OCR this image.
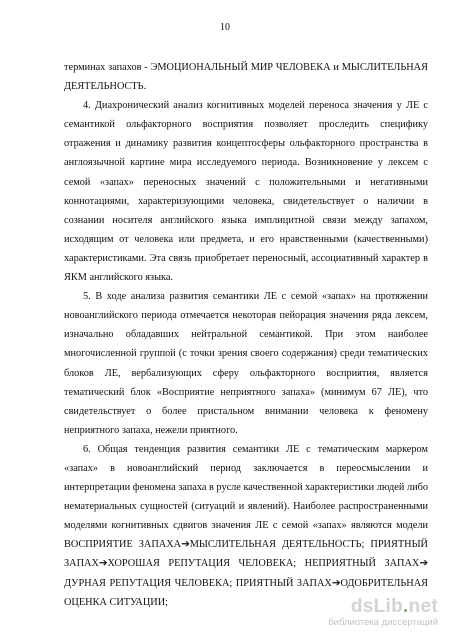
10

терминах запахов - ЭМОЦИОНАЛЬНЫЙ МИР ЧЕЛОВЕКА и МЫСЛИТЕЛЬНАЯ ДЕЯТЕЛЬНОСТЬ.

4. Диахронический анализ когнитивных моделей переноса значения у ЛЕ с семантикой ольфакторного восприятия позволяет проследить специфику отражения и динамику развития концептосферы ольфакторного пространства в англоязычной картине мира исследуемого периода. Возникновение у лексем с семой «запах» переносных значений с положительными и негативными коннотациями, характеризующими человека, свидетельствует о наличии в сознании носителя английского языка имплицитной связи между запахом, исходящим от человека или предмета, и его нравственными (качественными) характеристиками. Эта связь приобретает переносный, ассоциативный характер в ЯКМ английского языка.

5. В ходе анализа развития семантики ЛЕ с семой «запах» на протяжении новоанглийского периода отмечается некоторая пейорация значения ряда лексем, изначально обладавших нейтральной семантикой. При этом наиболее многочисленной группой (с точки зрения своего содержания) среди тематических блоков ЛЕ, вербализующих сферу ольфакторного восприятия, является тематический блок «Восприятие неприятного запаха» (минимум 67 ЛЕ), что свидетельствует о более пристальном внимании человека к феномену неприятного запаха, нежели приятного.

6. Общая тенденция развития семантики ЛЕ с тематическим маркером «запах» в новоанглийский период заключается в переосмыслении и интерпретации феномена запаха в русле качественной характеристики людей либо нематериальных сущностей (ситуаций и явлений). Наиболее распространенными моделями когнитивных сдвигов значения ЛЕ с семой «запах» являются модели ВОСПРИЯТИЕ ЗАПАХА➔МЫСЛИТЕЛЬНАЯ ДЕЯТЕЛЬНОСТЬ; ПРИЯТНЫЙ ЗАПАХ➔ХОРОШАЯ РЕПУТАЦИЯ ЧЕЛОВЕКА; НЕПРИЯТНЫЙ ЗАПАХ➔ ДУРНАЯ РЕПУТАЦИЯ ЧЕЛОВЕКА; ПРИЯТНЫЙ ЗАПАХ➔ОДОБРИТЕЛЬНАЯ ОЦЕНКА СИТУАЦИИ;	dsLib.net
библиотека диссертаций
